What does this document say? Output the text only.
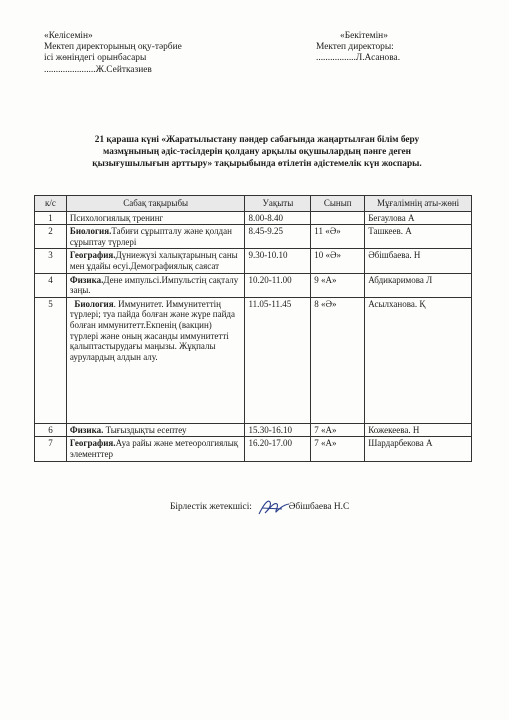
«Келісемін»
Мектеп директорының оқу-тәрбие
ісі жөніндегі орынбасары
......................Ж.Сейтказиев
«Бекітемін»
Мектеп директоры:
.................Л.Асанова.
21 қараша күні «Жаратылыстану пәндер сабағында жаңартылған білім беру
мазмұнының әдіс-тәсілдерін қолдану арқылы оқушылардың пәнге деген
қызығушылығын арттыру» тақырыбында өтілетін әдістемелік күн жоспары.
к/с	Сабақ тақырыбы	Уақыты	Сынып	Мұғалімнің аты-жөні
1	Психологиялық тренинг	8.00-8.40		Бегаулова А
2	Биология.Табиғи сұрыпталу және қолдан сұрыптау түрлері	8.45-9.25	11 «Ә»	Ташкеев. А
3	География.Дүниежүзі халықтарының саны мен ұдайы өсуі.Демографиялық саясат	9.30-10.10	10 «Ә»	Әбішбаева. Н
4	Физика.Дене импульсі.Импульстің сақталу заңы.	10.20-11.00	9 «А»	Абдикаримова Л
5	Биология. Иммунитет. Иммунитеттің түрлері; туа пайда болған және жүре пайда болған иммунитетт.Екпенің (вакцин) түрлері және оның жасанды иммунитетті қалыптастырудағы маңызы. Жұқпалы аурулардың алдын алу.	11.05-11.45	8 «Ә»	Асылханова. Қ
6	Физика. Тығыздықты есептеу	15.30-16.10	7 «А»	Кожекеева. Н
7	География.Ауа райы және метеоролгиялық элементтер	16.20-17.00	7 «А»	Шардарбекова А
Бірлестік жетекшісі:	Әбішбаева Н.С
